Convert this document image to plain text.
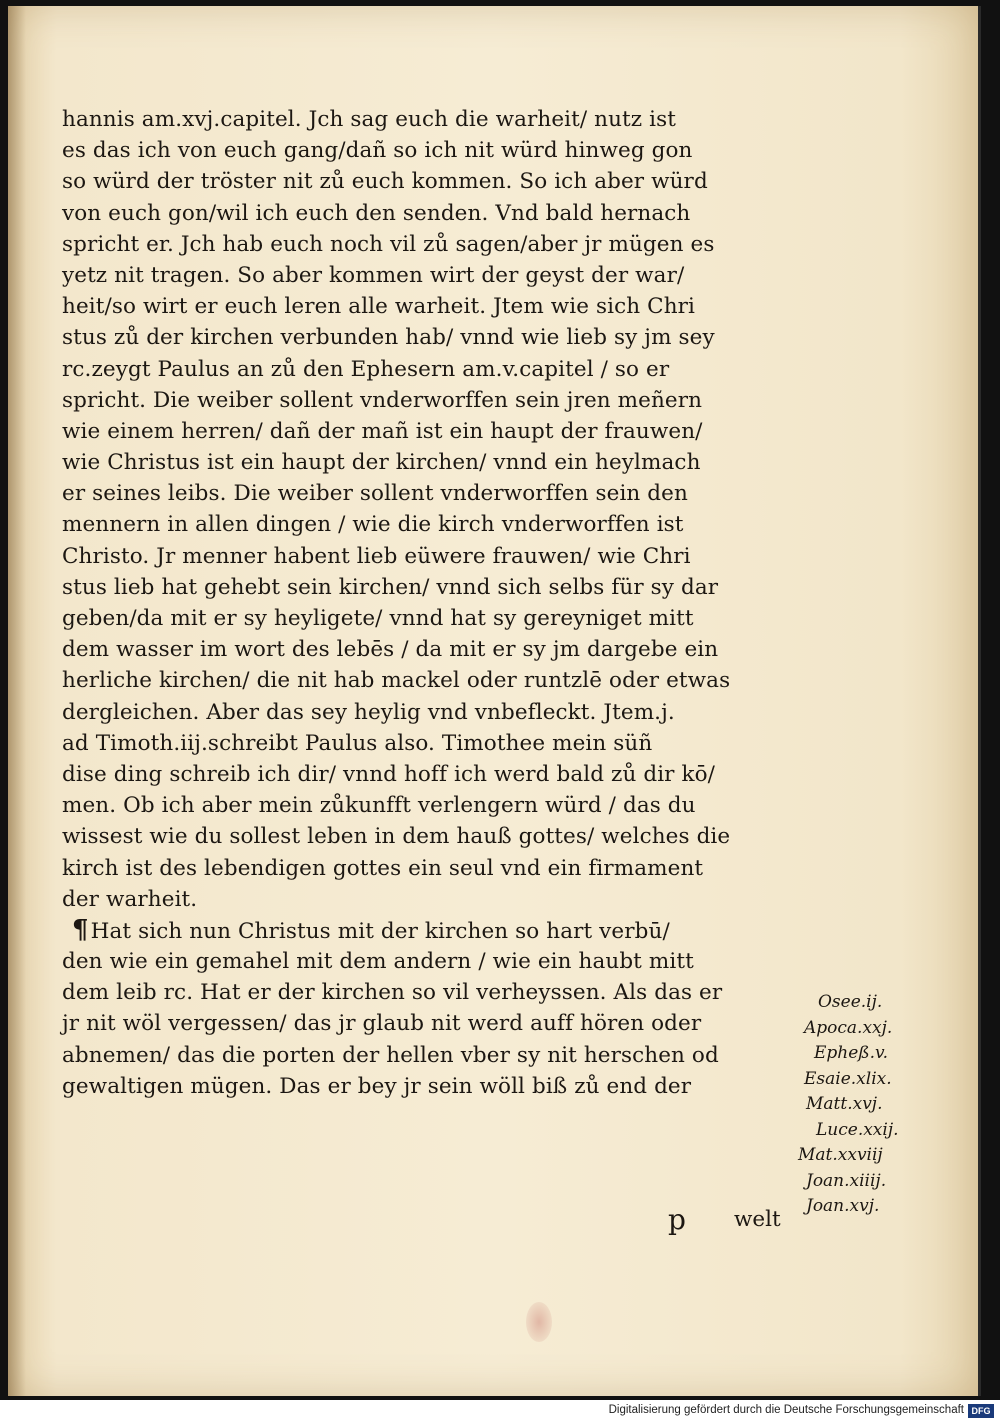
hannis am.xvj.capitel. Jch sag euch die warheit/ nutz ist
es das ich von euch gang/dañ so ich nit würd hinweg gon
so würd der tröster nit zů euch kommen. So ich aber würd
von euch gon/wil ich euch den senden. Vnd bald hernach
spricht er. Jch hab euch noch vil zů sagen/aber jr mügen es
yetz nit tragen. So aber kommen wirt der geyst der war/
heit/so wirt er euch leren alle warheit. Jtem wie sich Chri
stus zů der kirchen verbunden hab/ vnnd wie lieb sy jm sey
rc.zeygt Paulus an zů den Ephesern am.v.capitel / so er
spricht. Die weiber sollent vnderworffen sein jren meñern
wie einem herren/ dañ der mañ ist ein haupt der frauwen/
wie Christus ist ein haupt der kirchen/ vnnd ein heylmach
er seines leibs. Die weiber sollent vnderworffen sein den
mennern in allen dingen / wie die kirch vnderworffen ist
Christo. Jr menner habent lieb eüwere frauwen/ wie Chri
stus lieb hat gehebt sein kirchen/ vnnd sich selbs für sy dar
geben/da mit er sy heyligete/ vnnd hat sy gereyniget mitt
dem wasser im wort des lebēs / da mit er sy jm dargebe ein
herliche kirchen/ die nit hab mackel oder runtzlē oder etwas
dergleichen. Aber das sey heylig vnd vnbefleckt. Jtem.j.
ad Timoth.iij.schreibt Paulus also. Timothee mein süñ
dise ding schreib ich dir/ vnnd hoff ich werd bald zů dir kō/
men. Ob ich aber mein zůkunfft verlengern würd / das du
wissest wie du sollest leben in dem hauß gottes/ welches die
kirch ist des lebendigen gottes ein seul vnd ein firmament
der warheit.
¶Hat sich nun Christus mit der kirchen so hart verbū/
den wie ein gemahel mit dem andern / wie ein haubt mitt
dem leib rc. Hat er der kirchen so vil verheyssen. Als das er
jr nit wöl vergessen/ das jr glaub nit werd auff hören oder
abnemen/ das die porten der hellen vber sy nit herschen od
gewaltigen mügen. Das er bey jr sein wöll biß zů end der
p welt
Osee.ij.
Apoca.xxj.
Epheß.v.
Esaie.xlix.
Matt.xvj.
Luce.xxij.
Mat.xxviij
Joan.xiiij.
Joan.xvj.
Digitalisierung gefördert durch die Deutsche Forschungsgemeinschaft DFG
